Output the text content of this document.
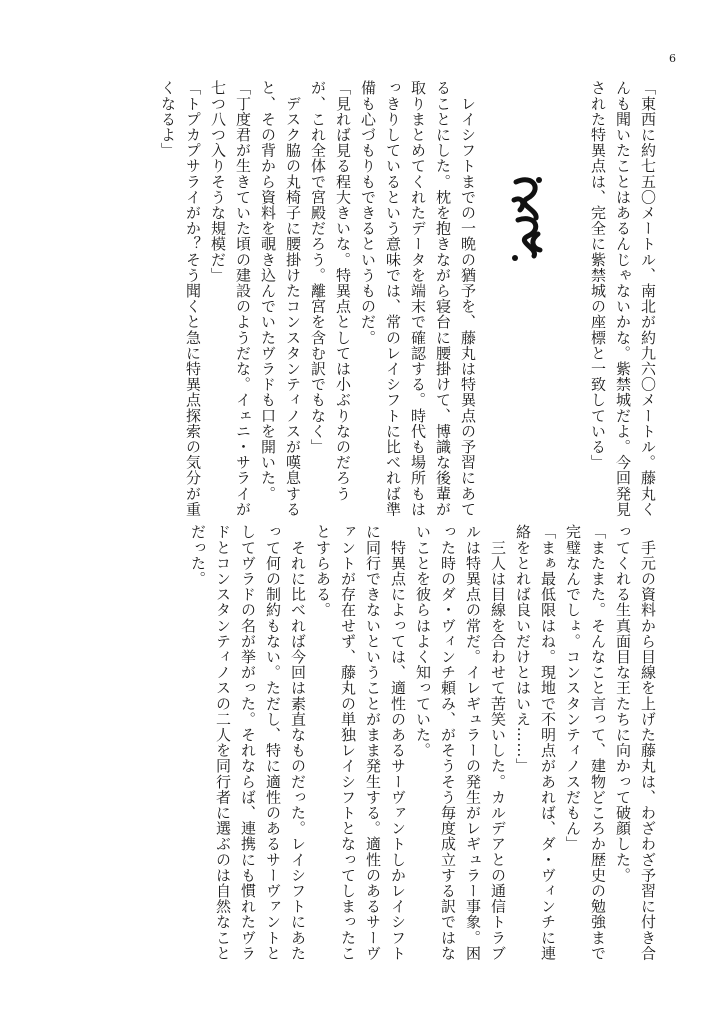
6

「東西に約七五〇メートル、南北が約九六〇メートル。藤丸くんも聞いたことはあるんじゃないかな。紫禁城だよ。今回発見された特異点は、完全に紫禁城の座標と一致している」

　レイシフトまでの一晩の猶予を、藤丸は特異点の予習にあてることにした。枕を抱きながら寝台に腰掛けて、博識な後輩が取りまとめてくれたデータを端末で確認する。時代も場所もはっきりしているという意味では、常のレイシフトに比べれば準備も心づもりもできるというものだ。

「見れば見る程大きいな。特異点としては小ぶりなのだろうが、これ全体で宮殿だろう。離宮を含む訳でもなく」

　デスク脇の丸椅子に腰掛けたコンスタンティノスが嘆息すると、その背から資料を覗き込んでいたヴラドも口を開いた。

「丁度君が生きていた頃の建設のようだな。イェニ・サライが七つ八つ入りそうな規模だ」

「トプカプサライがか？そう聞くと急に特異点探索の気分が重くなるよ」

　手元の資料から目線を上げた藤丸は、わざわざ予習に付き合ってくれる生真面目な王たちに向かって破顔した。

「またまた。そんなこと言って、建物どころか歴史の勉強まで完璧なんでしょ。コンスタンティノスだもん」

「まぁ最低限はね。現地で不明点があれば、ダ・ヴィンチに連絡をとれば良いだけとはいえ……」

　三人は目線を合わせて苦笑いした。カルデアとの通信トラブルは特異点の常だ。イレギュラーの発生がレギュラー事象。困った時のダ・ヴィンチ頼み、がそうそう毎度成立する訳ではないことを彼らはよく知っていた。

　特異点によっては、適性のあるサーヴァントしかレイシフトに同行できないということがまま発生する。適性のあるサーヴァントが存在せず、藤丸の単独レイシフトとなってしまったことすらある。

　それに比べれば今回は素直なものだった。レイシフトにあたって何の制約もない。ただし、特に適性のあるサーヴァントとしてヴラドの名が挙がった。それならば、連携にも慣れたヴラドとコンスタンティノスの二人を同行者に選ぶのは自然なことだった。
